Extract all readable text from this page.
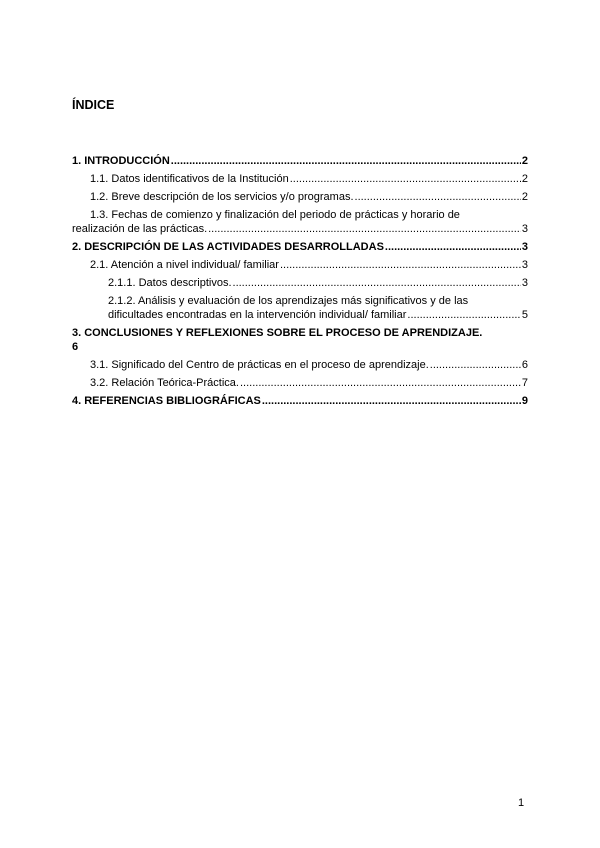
ÍNDICE
1. INTRODUCCIÓN .....	2
1.1. Datos identificativos de la Institución .....	2
1.2. Breve descripción de los servicios y/o programas. .....	2
1.3. Fechas de comienzo y finalización del periodo de prácticas y horario de
realización de las prácticas. .....	3
2. DESCRIPCIÓN DE LAS ACTIVIDADES DESARROLLADAS .....	3
2.1. Atención a nivel individual/ familiar .....	3
2.1.1. Datos descriptivos. .....	3
2.1.2. Análisis y evaluación de los aprendizajes más significativos y de las
dificultades encontradas en la intervención individual/ familiar .....	5
3. CONCLUSIONES Y REFLEXIONES SOBRE EL PROCESO DE APRENDIZAJE.
6
3.1. Significado del Centro de prácticas en el proceso de aprendizaje. .....	6
3.2. Relación Teórica-Práctica. .....	7
4. REFERENCIAS BIBLIOGRÁFICAS .....	9
1
